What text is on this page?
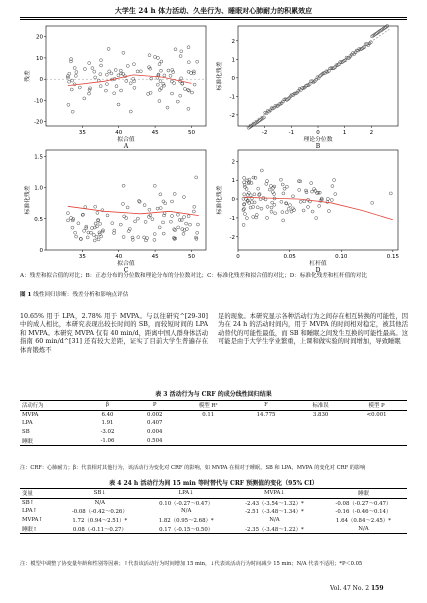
大学生 24 h 体力活动、久坐行为、睡眠对心肺耐力的积累效应
35	40	45	50
-20
-10
0
10
20
拟合值
残差
A
-2	-1	0	1	2
-2
-1
0
1
2
理论分位数
标准化残差
B
35	40	45	50
0
0.5
1.0
1.5
拟合值
标准化残差
C
0	0.05	0.10	0.15
-2
-1
0
1
2
杠杆值
标准化残差
D
A：残差和拟合值的对比；B：正态分布的分位数和理论分布的分位数对比；C：标准化残差和拟合值的对比；D：标准化残差和杠杆值的对比
图 1 线性回归诊断：残差分析和影响点评估
10.65% 用于 LPA，2.78% 用于 MVPA。与以往研究^[29-30] 中的成人相比，本研究表现出较长时间的 SB，而较短时间的 LPA 和 MVPA。本研究 MVPA 仅有 40 min/d，距离中国人群身体活动指南 60 min/d^[31] 还有较大差距，证实了目前大学生普遍存在体育锻炼不
足的现象。本研究显示各种活动行为之间存在相互转换的可能性，因为在 24 h 的活动时间内，用于 MVPA 的时间相对稳定，被其他活动替代的可能性最低，而 SB 和睡眠之间发生互换的可能性最高。这可能是由于大学生学业繁重，上课和做实验的时间增加，导致睡眠
表 3 活动行为与 CRF 的成分线性回归结果
活动行为	β	P	模型 R²	F	标准误	模型 P
MVPA	6.40	0.002	0.11	14.775	3.830	<0.001
LPA	1.91	0.407				
SB	-3.02	0.004				
睡眠	-1.06	0.504				
注：CRF：心肺耐力；β：代表相对其他行为，该活动行为变化对 CRF 的影响，如 MVPA 在相对于睡眠、SB 和 LPA，MVPA 的变化对 CRF 的影响
表 4 24 h 活动行为间 15 min 等时替代与 CRF 预测值的变化（95% CI）
变量	SB↓	LPA↓	MVPA↓	睡眠
SB↑	N/A	0.10（-0.27～0.47）	-2.43（-3.54～1.32）*	-0.08（-0.27～0.47）
LPA↑	-0.08（-0.42～0.26）	N/A	-2.51（-3.48～1.34）*	-0.16（-0.46～0.14）
MVPA↑	1.72（0.94～2.51）*	1.82（0.95～2.68）*	N/A	1.64（0.84～2.45）*
睡眠↑	0.08（-0.11～0.27）	0.17（-0.15～0.50）	-2.35（-3.48～1.22）*	N/A
注：模型中调整了协变量年龄和性别等因素；↑代表该活动行为时间增加 15 min，↓代表该活动行为时间减少 15 min；N/A 代表不适用；*P＜0.05
Vol. 47 No. 2 159
